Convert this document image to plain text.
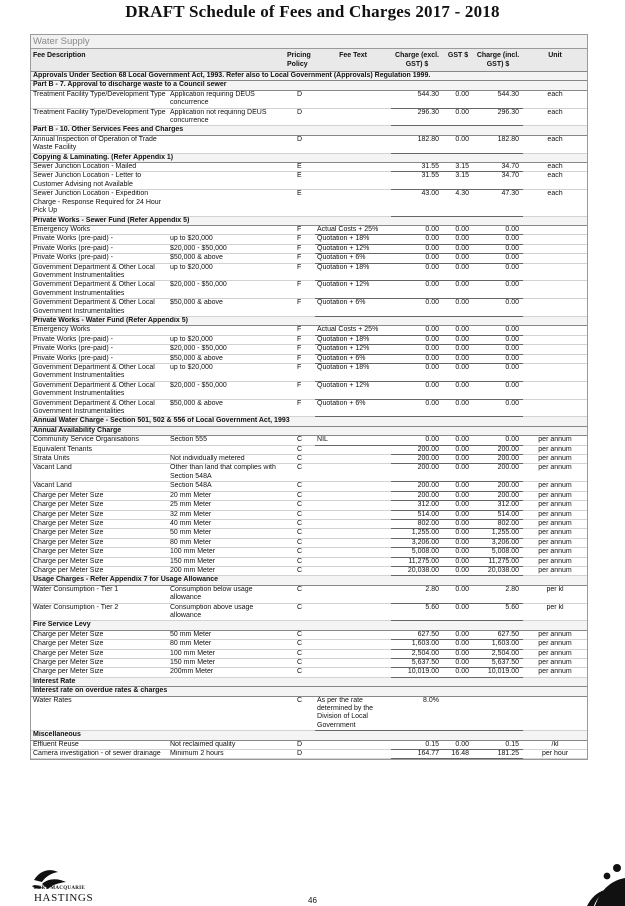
DRAFT Schedule of Fees and Charges 2017 - 2018
Water Supply
Fee Description		Pricing Policy	Fee Text	Charge (excl. GST) $	GST $	Charge (incl. GST) $	Unit
Approvals Under Section 68 Local Government Act, 1993. Refer also to Local Government (Approvals) Regulation 1999.							
Part B - 7. Approval to discharge waste to a Council sewer							
Treatment Facility Type/Development Type	Application requiring DEUS concurrence	D		544.30	0.00	544.30	each
Treatment Facility Type/Development Type	Application not requiring DEUS concurrence	D		296.30	0.00	296.30	each
Part B - 10. Other Services Fees and Charges							
Annual Inspection of Operation of Trade Waste Facility		D		182.80	0.00	182.80	each
Copying & Laminating. (Refer Appendix 1)							
Sewer Junction Location - Mailed		E		31.55	3.15	34.70	each
Sewer Junction Location - Letter to Customer Advising not Available		E		31.55	3.15	34.70	each
Sewer Junction Location - Expedition Charge - Response Required for 24 Hour Pick Up		E		43.00	4.30	47.30	each
Private Works - Sewer Fund (Refer Appendix 5)							
Emergency Works		F	Actual Costs + 25%	0.00	0.00	0.00	
Private Works (pre-paid) -	up to $20,000	F	Quotation + 18%	0.00	0.00	0.00	
Private Works (pre-paid) -	$20,000 - $50,000	F	Quotation + 12%	0.00	0.00	0.00	
Private Works (pre-paid) -	$50,000 & above	F	Quotation + 6%	0.00	0.00	0.00	
Government Department & Other Local Government Instrumentalities	up to $20,000	F	Quotation + 18%	0.00	0.00	0.00	
Government Department & Other Local Government Instrumentalities	$20,000 - $50,000	F	Quotation + 12%	0.00	0.00	0.00	
Government Department & Other Local Government Instrumentalities	$50,000 & above	F	Quotation + 6%	0.00	0.00	0.00	
Private Works - Water Fund (Refer Appendix 5)							
Emergency Works		F	Actual Costs + 25%	0.00	0.00	0.00	
Private Works (pre-paid) -	up to $20,000	F	Quotation + 18%	0.00	0.00	0.00	
Private Works (pre-paid) -	$20,000 - $50,000	F	Quotation + 12%	0.00	0.00	0.00	
Private Works (pre-paid) -	$50,000 & above	F	Quotation + 6%	0.00	0.00	0.00	
Government Department & Other Local Government Instrumentalities	up to $20,000	F	Quotation + 18%	0.00	0.00	0.00	
Government Department & Other Local Government Instrumentalities	$20,000 - $50,000	F	Quotation + 12%	0.00	0.00	0.00	
Government Department & Other Local Government Instrumentalities	$50,000 & above	F	Quotation + 6%	0.00	0.00	0.00	
Annual Water Charge - Section 501, 502 & 556 of Local Government Act, 1993							
Annual Availability Charge							
Community Service Organisations	Section 555	C	NIL	0.00	0.00	0.00	per annum
Equivalent Tenants		C		200.00	0.00	200.00	per annum
Strata Units	Not individually metered	C		200.00	0.00	200.00	per annum
Vacant Land	Other than land that complies with Section 548A	C		200.00	0.00	200.00	per annum
Vacant Land	Section 548A	C		200.00	0.00	200.00	per annum
Charge per Meter Size	20 mm Meter	C		200.00	0.00	200.00	per annum
Charge per Meter Size	25 mm Meter	C		312.00	0.00	312.00	per annum
Charge per Meter Size	32 mm Meter	C		514.00	0.00	514.00	per annum
Charge per Meter Size	40 mm Meter	C		802.00	0.00	802.00	per annum
Charge per Meter Size	50 mm Meter	C		1,255.00	0.00	1,255.00	per annum
Charge per Meter Size	80 mm Meter	C		3,206.00	0.00	3,206.00	per annum
Charge per Meter Size	100 mm Meter	C		5,008.00	0.00	5,008.00	per annum
Charge per Meter Size	150 mm Meter	C		11,275.00	0.00	11,275.00	per annum
Charge per Meter Size	200 mm Meter	C		20,038.00	0.00	20,038.00	per annum
Usage Charges - Refer Appendix 7 for Usage Allowance							
Water Consumption - Tier 1	Consumption below usage allowance	C		2.80	0.00	2.80	per kl
Water Consumption - Tier 2	Consumption above usage allowance	C		5.60	0.00	5.60	per kl
Fire Service Levy							
Charge per Meter Size	50 mm Meter	C		627.50	0.00	627.50	per annum
Charge per Meter Size	80 mm Meter	C		1,603.00	0.00	1,603.00	per annum
Charge per Meter Size	100 mm Meter	C		2,504.00	0.00	2,504.00	per annum
Charge per Meter Size	150 mm Meter	C		5,637.50	0.00	5,637.50	per annum
Charge per Meter Size	200mm Meter	C		10,019.00	0.00	10,019.00	per annum
Interest Rate							
Interest rate on overdue rates & charges							
Water Rates		C	As per the rate determined by the Division of Local Government	8.0%			
Miscellaneous							
Effluent Reuse	Not reclaimed quality	D		0.15	0.00	0.15	/kl
Camera investigation - of sewer drainage	Minimum 2 hours	D		164.77	16.48	181.25	per hour
PORT MACQUARIE
HASTINGS	46
